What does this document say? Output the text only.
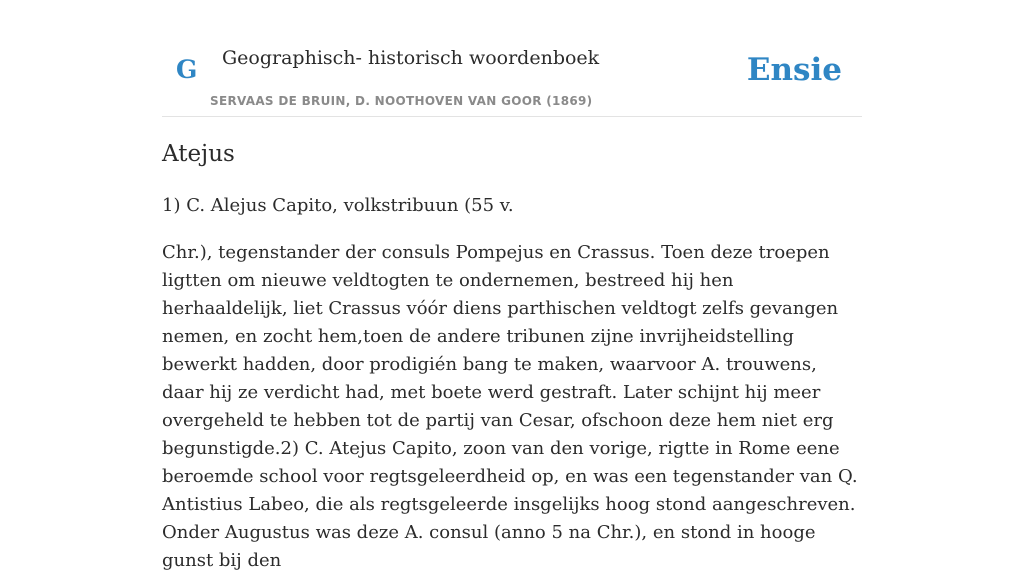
G Geographisch- historisch woordenboek
SERVAAS DE BRUIN, D. NOOTHOVEN VAN GOOR (1869)
Ensie
Atejus

1) C. Alejus Capito, volkstribuun (55 v.

Chr.), tegenstander der consuls Pompejus en Crassus. Toen deze troepen ligtten om nieuwe veldtogten te ondernemen, bestreed hij hen herhaaldelijk, liet Crassus vóór diens parthischen veldtogt zelfs gevangen nemen, en zocht hem,toen de andere tribunen zijne invrijheidstelling bewerkt hadden, door prodigién bang te maken, waarvoor A. trouwens, daar hij ze verdicht had, met boete werd gestraft. Later schijnt hij meer overgeheld te hebben tot de partij van Cesar, ofschoon deze hem niet erg begunstigde.2) C. Atejus Capito, zoon van den vorige, rigtte in Rome eene beroemde school voor regtsgeleerdheid op, en was een tegenstander van Q. Antistius Labeo, die als regtsgeleerde insgelijks hoog stond aangeschreven. Onder Augustus was deze A. consul (anno 5 na Chr.), en stond in hooge gunst bij den
